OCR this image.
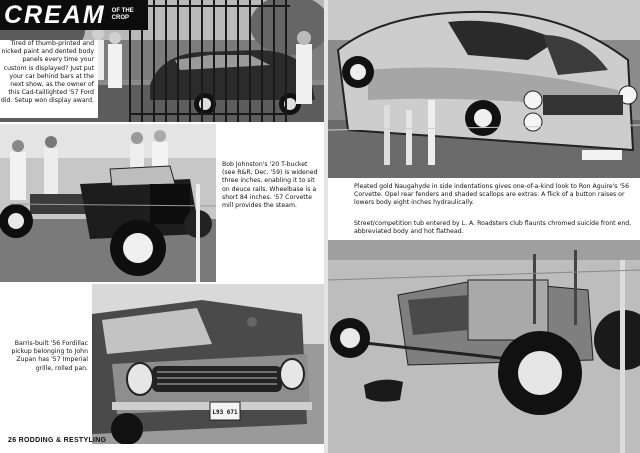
CREAM OF THE CROP
Tired of thumb-printed and nicked paint and dented body panels every time your custom is displayed? Just put your car behind bars at the next show, as the owner of this Cad-taillighted '57 Ford did. Setup won display award.
Bob Johnston's '20 T-bucket (see R&R, Dec. '59) is widened three inches, enabling it to sit on deuce rails. Wheelbase is a short 84 inches. '57 Corvette mill provides the steam.
L93 671
Barris-built '56 Fordillac pickup belonging to John Zupan has '57 Imperial grille, rolled pan.
26 RODDING & RESTYLING
Pleated gold Naugahyde in side indentations gives one-of-a-kind look to Ron Aguire's '56 Corvette. Opel rear fenders and shaded scallops are extras. A flick of a button raises or lowers body eight inches hydraulically.
Street/competition tub entered by L. A. Roadsters club flaunts chromed suicide front end, abbreviated body and hot flathead.
